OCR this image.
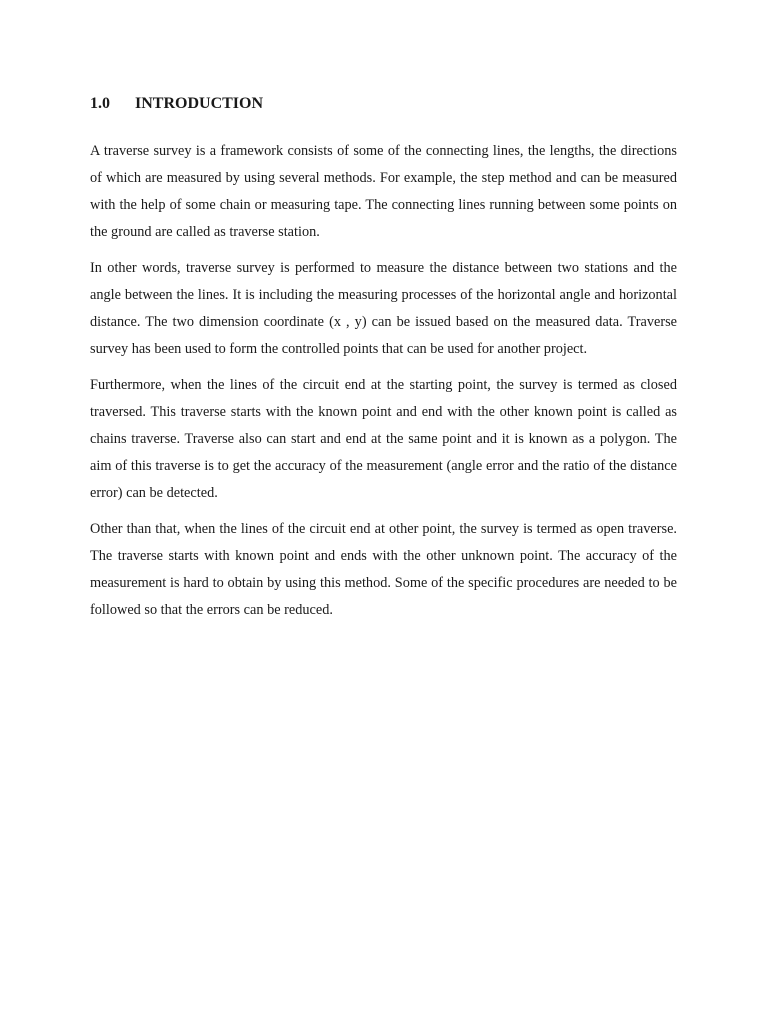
1.0 INTRODUCTION

A traverse survey is a framework consists of some of the connecting lines, the lengths, the directions of which are measured by using several methods. For example, the step method and can be measured with the help of some chain or measuring tape. The connecting lines running between some points on the ground are called as traverse station.

In other words, traverse survey is performed to measure the distance between two stations and the angle between the lines. It is including the measuring processes of the horizontal angle and horizontal distance. The two dimension coordinate (x , y) can be issued based on the measured data. Traverse survey has been used to form the controlled points that can be used for another project.

Furthermore, when the lines of the circuit end at the starting point, the survey is termed as closed traversed. This traverse starts with the known point and end with the other known point is called as chains traverse. Traverse also can start and end at the same point and it is known as a polygon. The aim of this traverse is to get the accuracy of the measurement (angle error and the ratio of the distance error) can be detected.

Other than that, when the lines of the circuit end at other point, the survey is termed as open traverse. The traverse starts with known point and ends with the other unknown point. The accuracy of the measurement is hard to obtain by using this method. Some of the specific procedures are needed to be followed so that the errors can be reduced.
